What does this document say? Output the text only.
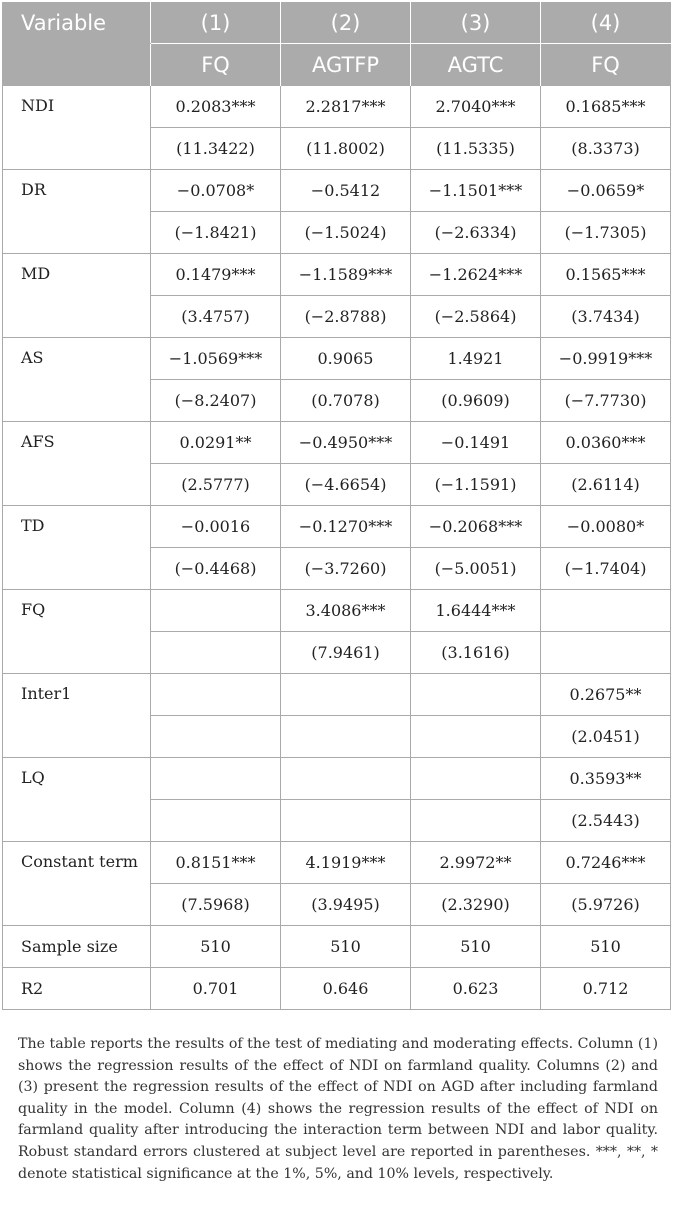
Variable	(1)	(2)	(3)	(4)
	FQ	AGTFP	AGTC	FQ
NDI	0.2083***	2.2817***	2.7040***	0.1685***
	(11.3422)	(11.8002)	(11.5335)	(8.3373)
DR	−0.0708*	−0.5412	−1.1501***	−0.0659*
	(−1.8421)	(−1.5024)	(−2.6334)	(−1.7305)
MD	0.1479***	−1.1589***	−1.2624***	0.1565***
	(3.4757)	(−2.8788)	(−2.5864)	(3.7434)
AS	−1.0569***	0.9065	1.4921	−0.9919***
	(−8.2407)	(0.7078)	(0.9609)	(−7.7730)
AFS	0.0291**	−0.4950***	−0.1491	0.0360***
	(2.5777)	(−4.6654)	(−1.1591)	(2.6114)
TD	−0.0016	−0.1270***	−0.2068***	−0.0080*
	(−0.4468)	(−3.7260)	(−5.0051)	(−1.7404)
FQ		3.4086***	1.6444***	
		(7.9461)	(3.1616)	
Inter1				0.2675**
				(2.0451)
LQ				0.3593**
				(2.5443)
Constant term	0.8151***	4.1919***	2.9972**	0.7246***
	(7.5968)	(3.9495)	(2.3290)	(5.9726)
Sample size	510	510	510	510
R2	0.701	0.646	0.623	0.712

The table reports the results of the test of mediating and moderating effects. Column (1) shows the regression results of the effect of NDI on farmland quality. Columns (2) and (3) present the regression results of the effect of NDI on AGD after including farmland quality in the model. Column (4) shows the regression results of the effect of NDI on farmland quality after introducing the interaction term between NDI and labor quality. Robust standard errors clustered at subject level are reported in parentheses. ***, **, * denote statistical significance at the 1%, 5%, and 10% levels, respectively.
